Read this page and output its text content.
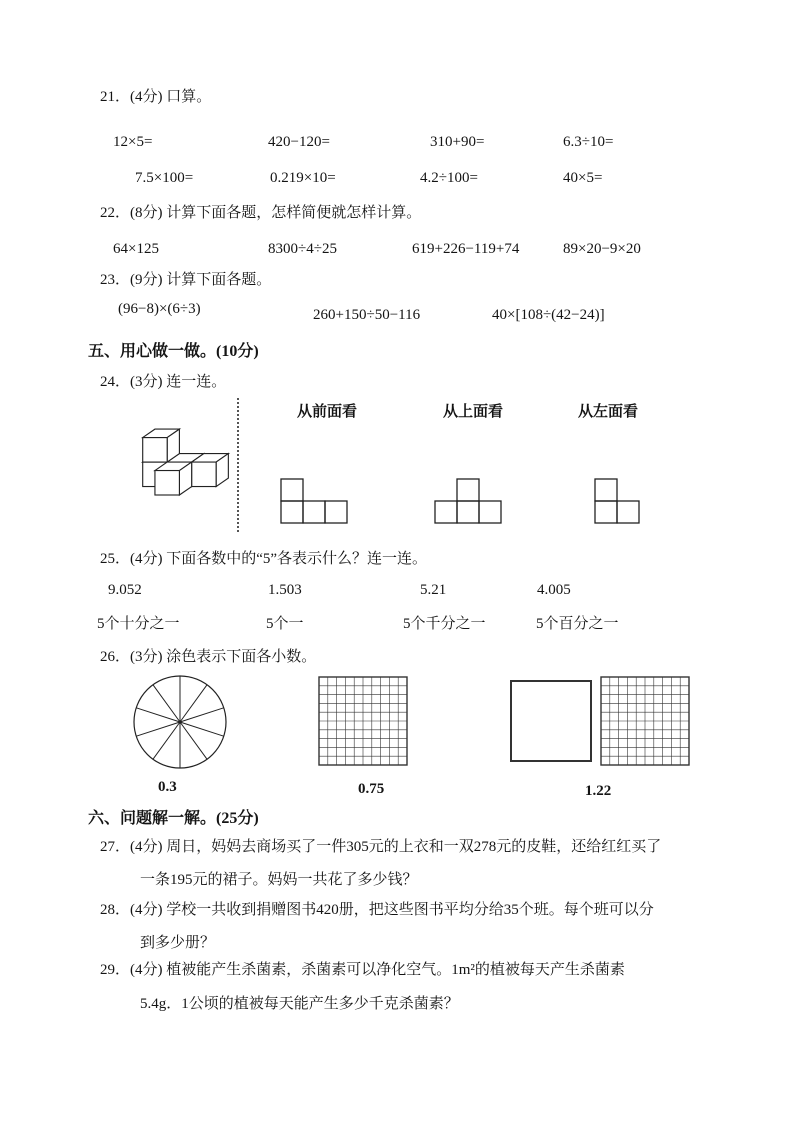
21．(4分) 口算。
12×5=	420−120=	310+90=	6.3÷10=
7.5×100=	0.219×10=	4.2÷100=	40×5=
22．(8分) 计算下面各题，怎样简便就怎样计算。
64×125	8300÷4÷25	619+226−119+74	89×20−9×20
23．(9分) 计算下面各题。
(96−8)×(6÷3)	260+150÷50−116	40×[108÷(42−24)]
五、用心做一做。(10分)
24．(3分) 连一连。
从前面看	从上面看	从左面看
25．(4分) 下面各数中的“5”各表示什么？连一连。
9.052	1.503	5.21	4.005
5个十分之一	5个一	5个千分之一	5个百分之一
26．(3分) 涂色表示下面各小数。
0.3	0.75	1.22
六、问题解一解。(25分)
27．(4分) 周日，妈妈去商场买了一件305元的上衣和一双278元的皮鞋，还给红红买了
一条195元的裙子。妈妈一共花了多少钱？
28．(4分) 学校一共收到捐赠图书420册，把这些图书平均分给35个班。每个班可以分
到多少册？
29．(4分) 植被能产生杀菌素，杀菌素可以净化空气。1m²的植被每天产生杀菌素
5.4g．1公顷的植被每天能产生多少千克杀菌素？
